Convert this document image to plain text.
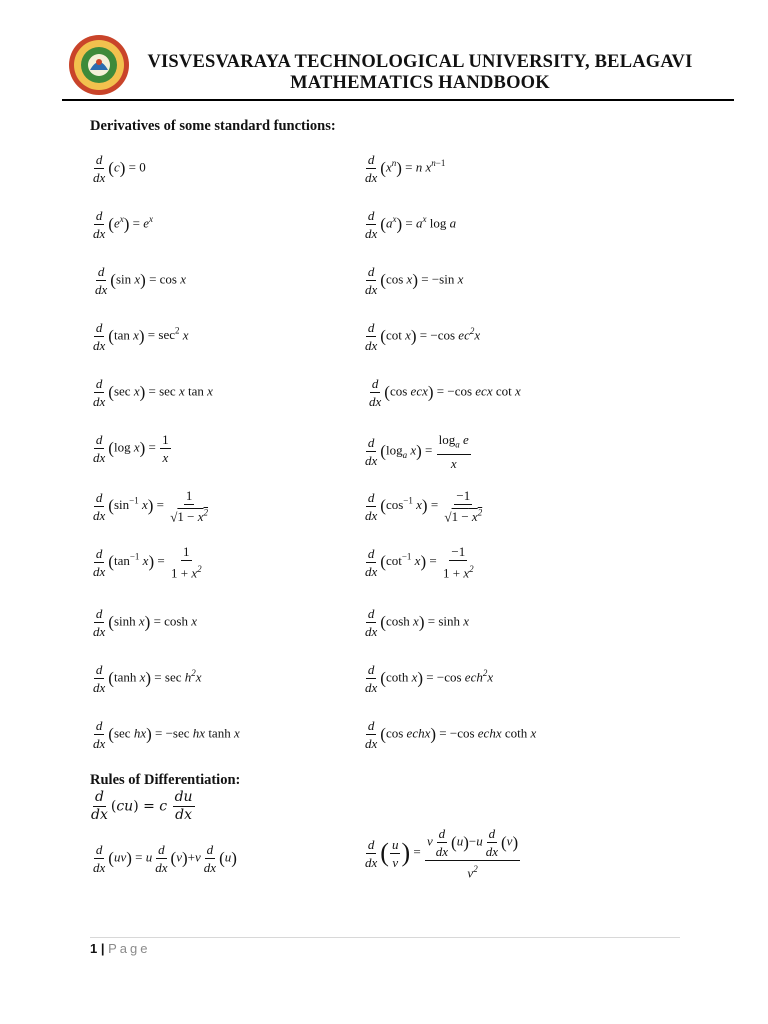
VISVESVARAYA TECHNOLOGICAL UNIVERSITY, BELAGAVI
MATHEMATICS HANDBOOK
Derivatives of some standard functions:
$\frac{d}{dx} (c) = 0$	$\frac{d}{dx} (x^n) = n$ $x^{n-1}$
$\frac{d}{dx} (e^x) = e^x$	$\frac{d}{dx} (a^x) = a^x$ log a
$\frac{d}{dx} (\sin$ x) = cos x	$\frac{d}{dx} (\cos$ x) = −sin x
$\frac{d}{dx} (\tan$ $x) = \sec^2 x$	$\frac{d}{dx} (\cot$ x) = −cos $ec^2x$
$\frac{d}{dx} (\sec$ x) = sec x tan x	$\frac{d}{dx} (\cos$ ecx) = −cos ecx cot x
$\frac{d}{dx} (\log$ $x) = \frac{1}{x}$	$\frac{d}{dx} (\log_a$ $x) = \frac{\log_a e}{x}$
$\frac{d}{dx} (\sin^{-1}$ $x) = \frac{1}{√1 - x^2}$	$\frac{d}{dx} (\cos^{-1}$ $x) = \frac{-1}{√1 - x^2}$
$\frac{d}{dx} (\tan^{-1}$ $x) = \frac{1}{1 + x^2}$	$\frac{d}{dx} (\cot^{-1}$ $x) = \frac{-1}{1 + x^2}$
$\frac{d}{dx} (\sinh$ x) = cosh x	$\frac{d}{dx} (\cosh$ x) = sinh x
$\frac{d}{dx} (\tanh$ $x) = \sec h^2x$	$\frac{d}{dx} (\cot h$ x) = −cos ech$^2$x
$\frac{d}{dx} (\sec$ hx) = −sec hx tanh x	$\frac{d}{dx} (\cos$ echx) = −cos echx coth x
Rules of Differentiation:
$\frac{d}{dx} (cu) = c \frac{du}{dx}$
$\frac{d}{dx} (uv) = u \frac{d}{dx} (v)+v \frac{d}{dx} (u)$	$\frac{d}{dx}$ ( $\frac{u}{v}$ ) = $\frac{v \frac{d}{dx} (u)-u \frac{d}{dx} (v)}{v^2}$
1 | Page
